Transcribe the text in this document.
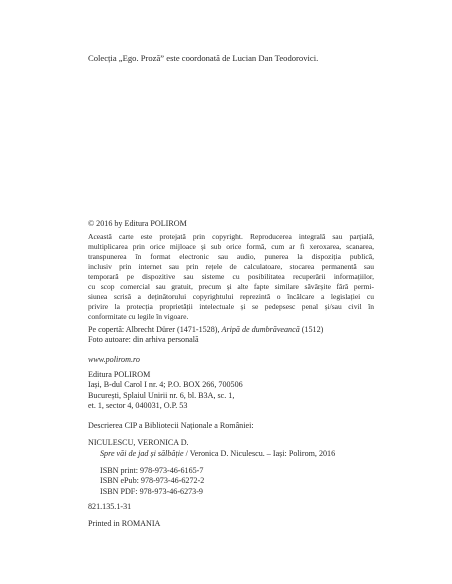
Colecția „Ego. Proză” este coordonată de Lucian Dan Teodorovici.
© 2016 by Editura POLIROM
Această carte este protejată prin copyright. Reproducerea integrală sau parțială,
multiplicarea prin orice mijloace și sub orice formă, cum ar fi xeroxarea, scanarea,
transpunerea în format electronic sau audio, punerea la dispoziția publică,
inclusiv prin internet sau prin rețele de calculatoare, stocarea permanentă sau
temporară pe dispozitive sau sisteme cu posibilitatea recuperării informațiilor,
cu scop comercial sau gratuit, precum și alte fapte similare săvârșite fără permi-
siunea scrisă a deținătorului copyrightului reprezintă o încălcare a legislației cu
privire la protecția proprietății intelectuale și se pedepsesc penal și/sau civil în
conformitate cu legile în vigoare.
Pe copertă: Albrecht Dürer (1471-1528), Aripă de dumbrăveancă (1512)
Foto autoare: din arhiva personală
www.polirom.ro
Editura POLIROM
Iași, B-dul Carol I nr. 4; P.O. BOX 266, 700506
București, Splaiul Unirii nr. 6, bl. B3A, sc. 1,
et. 1, sector 4, 040031, O.P. 53
Descrierea CIP a Bibliotecii Naționale a României:
NICULESCU, VERONICA D.
Spre văi de jad și sălbăție / Veronica D. Niculescu. – Iași: Polirom, 2016
ISBN print: 978-973-46-6165-7
ISBN ePub: 978-973-46-6272-2
ISBN PDF: 978-973-46-6273-9
821.135.1-31
Printed in ROMANIA
